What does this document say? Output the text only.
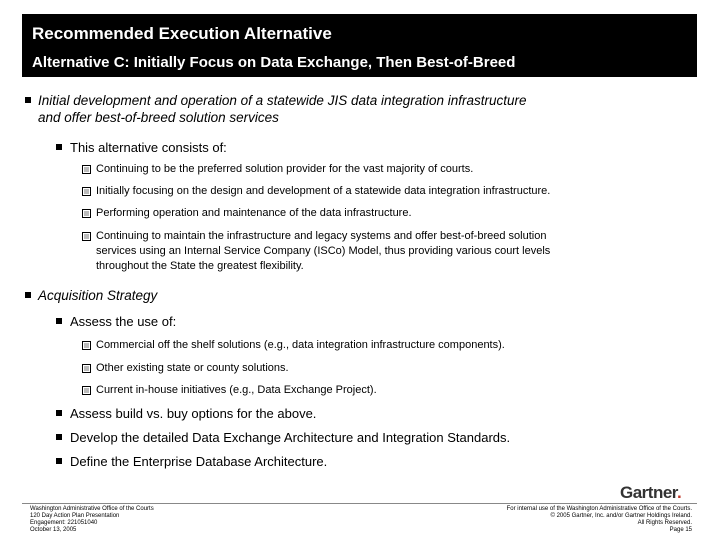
Recommended Execution Alternative
Alternative C: Initially Focus on Data Exchange, Then Best-of-Breed
Initial development and operation of a statewide JIS data integration infrastructure
and offer best-of-breed solution services
This alternative consists of:
Continuing to be the preferred solution provider for the vast majority of courts.
Initially focusing on the design and development of a statewide data integration infrastructure.
Performing operation and maintenance of the data infrastructure.
Continuing to maintain the infrastructure and legacy systems and offer best-of-breed solution
services using an Internal Service Company (ISCo) Model, thus providing various court levels
throughout the State the greatest flexibility.
Acquisition Strategy
Assess the use of:
Commercial off the shelf solutions (e.g., data integration infrastructure components).
Other existing state or county solutions.
Current in-house initiatives (e.g., Data Exchange Project).
Assess build vs. buy options for the above.
Develop the detailed Data Exchange Architecture and Integration Standards.
Define the Enterprise Database Architecture.
Gartner.
Washington Administrative Office of the Courts
120 Day Action Plan Presentation
Engagement: 221051040
October 13, 2005
For internal use of the Washington Administrative Office of the Courts.
© 2005 Gartner, Inc. and/or Gartner Holdings Ireland.
All Rights Reserved.
Page 15
